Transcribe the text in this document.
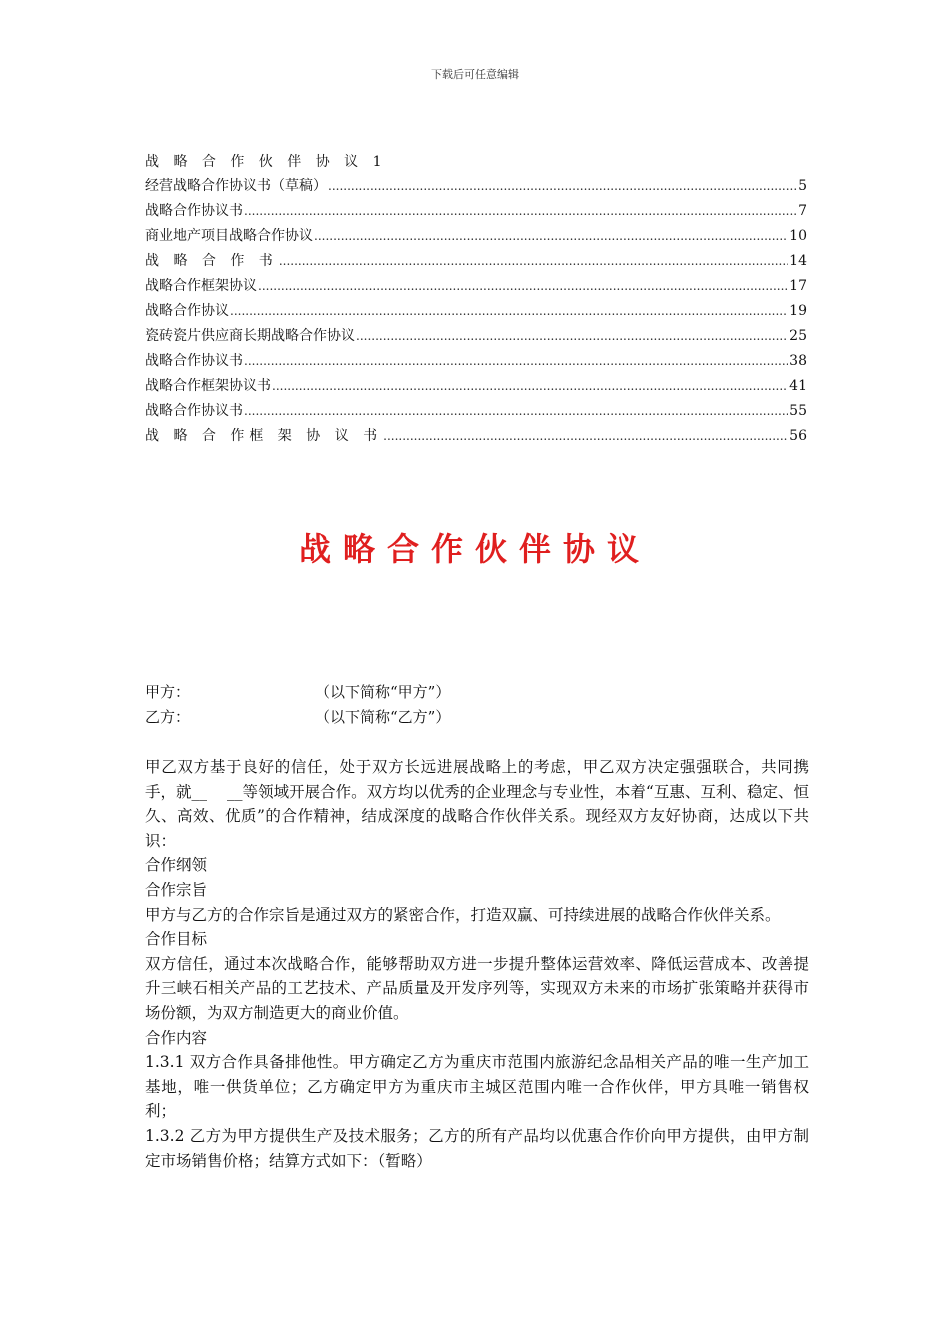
下载后可任意编辑
战 略 合 作 伙 伴 协 议 1
经营战略合作协议书（草稿） .....	5
战略合作协议书 .....	7
商业地产项目战略合作协议 .....	10
战 略 合 作 书 .....	14
战略合作框架协议 .....	17
战略合作协议 .....	19
瓷砖瓷片供应商长期战略合作协议 .....	25
战略合作协议书 .....	38
战略合作框架协议书 .....	41
战略合作协议书 .....	55
战 略 合 作框 架 协 议 书 .....	56
战略合作伙伴协议
甲方：	（以下简称“甲方”）
乙方：	（以下简称“乙方”）

甲乙双方基于良好的信任，处于双方长远进展战略上的考虑，甲乙双方决定强强联合，共同携手，就__ __等领域开展合作。双方均以优秀的企业理念与专业性，本着“互惠、互利、稳定、恒久、高效、优质”的合作精神，结成深度的战略合作伙伴关系。现经双方友好协商，达成以下共识：

合作纲领

合作宗旨

甲方与乙方的合作宗旨是通过双方的紧密合作，打造双赢、可持续进展的战略合作伙伴关系。

合作目标

双方信任，通过本次战略合作，能够帮助双方进一步提升整体运营效率、降低运营成本、改善提升三峡石相关产品的工艺技术、产品质量及开发序列等，实现双方未来的市场扩张策略并获得市场份额，为双方制造更大的商业价值。

合作内容

1.3.1 双方合作具备排他性。甲方确定乙方为重庆市范围内旅游纪念品相关产品的唯一生产加工基地，唯一供货单位；乙方确定甲方为重庆市主城区范围内唯一合作伙伴，甲方具唯一销售权利；

1.3.2 乙方为甲方提供生产及技术服务；乙方的所有产品均以优惠合作价向甲方提供，由甲方制定市场销售价格；结算方式如下：（暂略）
